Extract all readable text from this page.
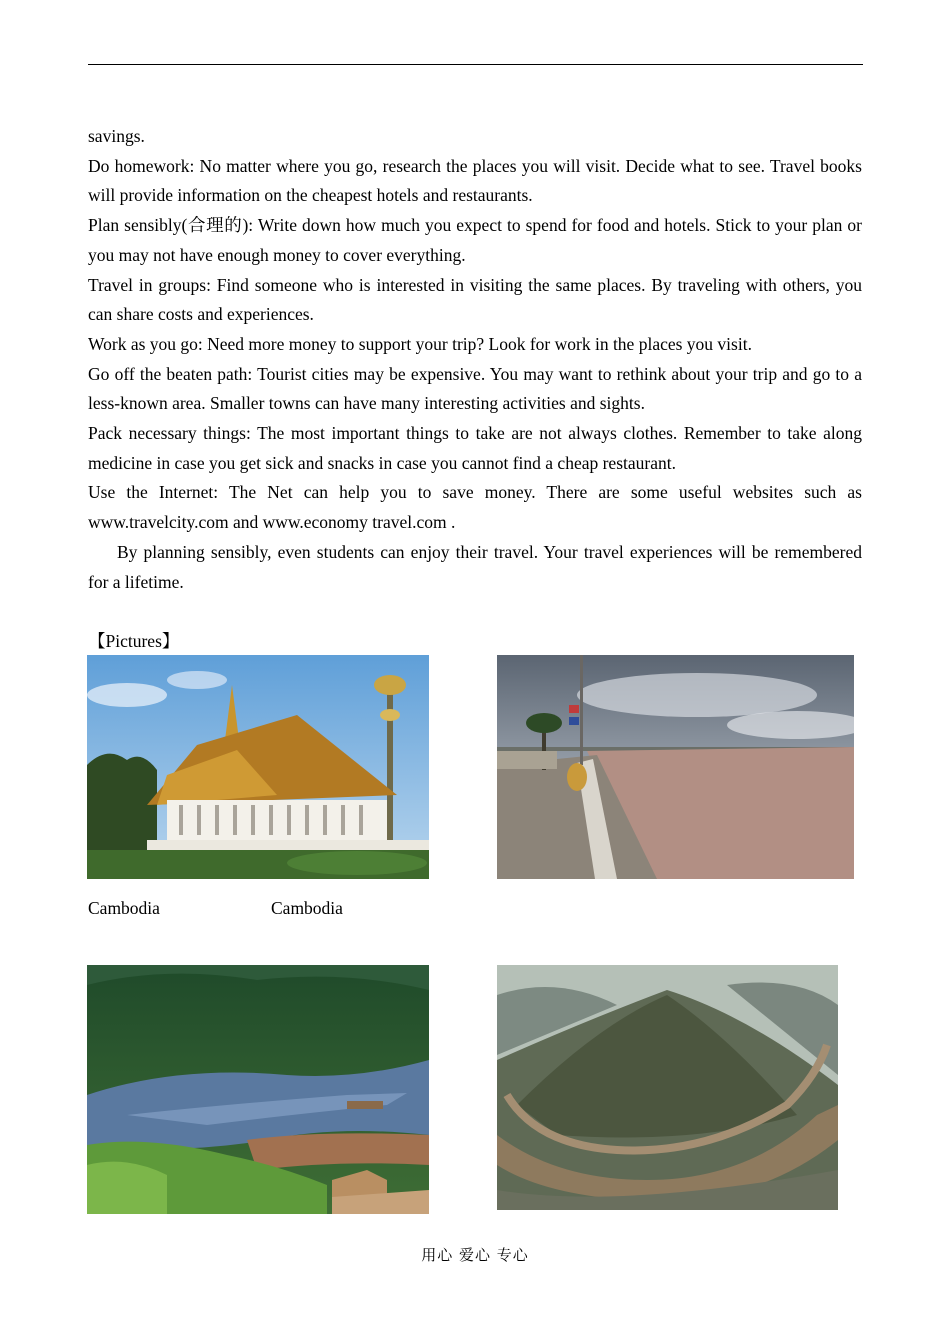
savings.

Do homework: No matter where you go, research the places you will visit. Decide what to see. Travel books will provide information on the cheapest hotels and restaurants.

Plan sensibly(合理的): Write down how much you expect to spend for food and hotels. Stick to your plan or you may not have enough money to cover everything.

Travel in groups: Find someone who is interested in visiting the same places. By traveling with others, you can share costs and experiences.

Work as you go: Need more money to support your trip? Look for work in the places you visit.

Go off the beaten path: Tourist cities may be expensive. You may want to rethink about your trip and go to a less-known area. Smaller towns can have many interesting activities and sights.

Pack necessary things: The most important things to take are not always clothes. Remember to take along medicine in case you get sick and snacks in case you cannot find a cheap restaurant.

Use the Internet: The Net can help you to save money. There are some useful websites such as www.travelcity.com and www.economy travel.com .

By planning sensibly, even students can enjoy their travel. Your travel experiences will be remembered for a lifetime.

【Pictures】
Cambodia	Cambodia
用心 爱心 专心
